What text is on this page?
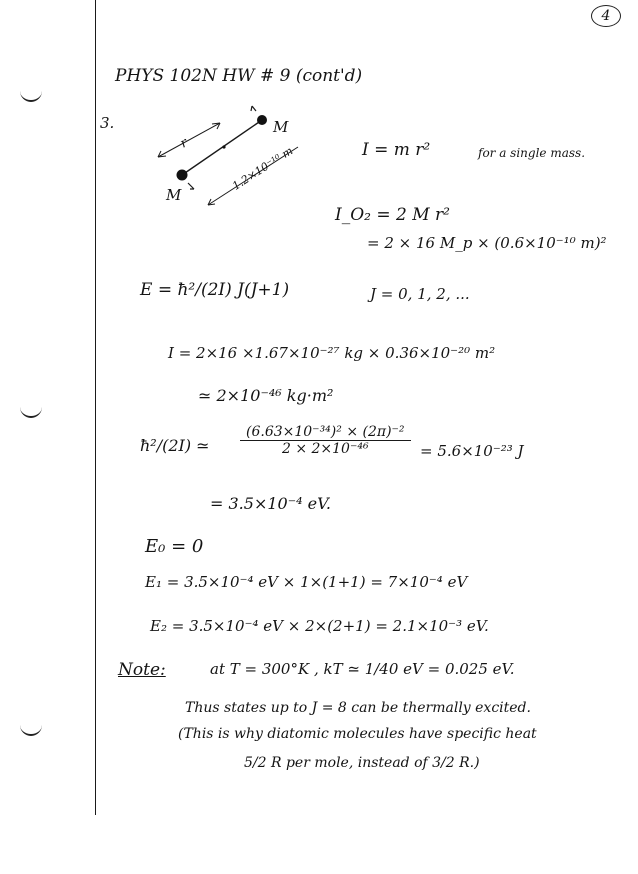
4
PHYS 102N HW # 9 (cont'd)
3.	M
M
r
1.2×10⁻¹⁰ m	I = m r²	for a single mass.
I_O₂ = 2 M r²
= 2 × 16 M_p × (0.6×10⁻¹⁰ m)²
E = ħ²/(2I) J(J+1)	J = 0, 1, 2, ...
I = 2×16 ×1.67×10⁻²⁷ kg × 0.36×10⁻²⁰ m²
≃ 2×10⁻⁴⁶ kg·m²
ħ²/(2I) ≃ $\frac{\text{(6.63×10⁻³⁴)² × (2π)⁻²}}{\text{2 × 2×10⁻⁴⁶}} = 5.6\times 10^{-23}$ J
= 3.5×10⁻⁴ eV.
E₀ = 0
E₁ = 3.5×10⁻⁴ eV × 1×(1+1) = 7×10⁻⁴ eV
E₂ = 3.5×10⁻⁴ eV × 2×(2+1) = 2.1×10⁻³ eV.
Note:	at T = 300°K , kT ≃ 1/40 eV = 0.025 eV.
Thus states up to J = 8 can be thermally excited.
(This is why diatomic molecules have specific heat
5/2 R per mole, instead of 3/2 R.)
